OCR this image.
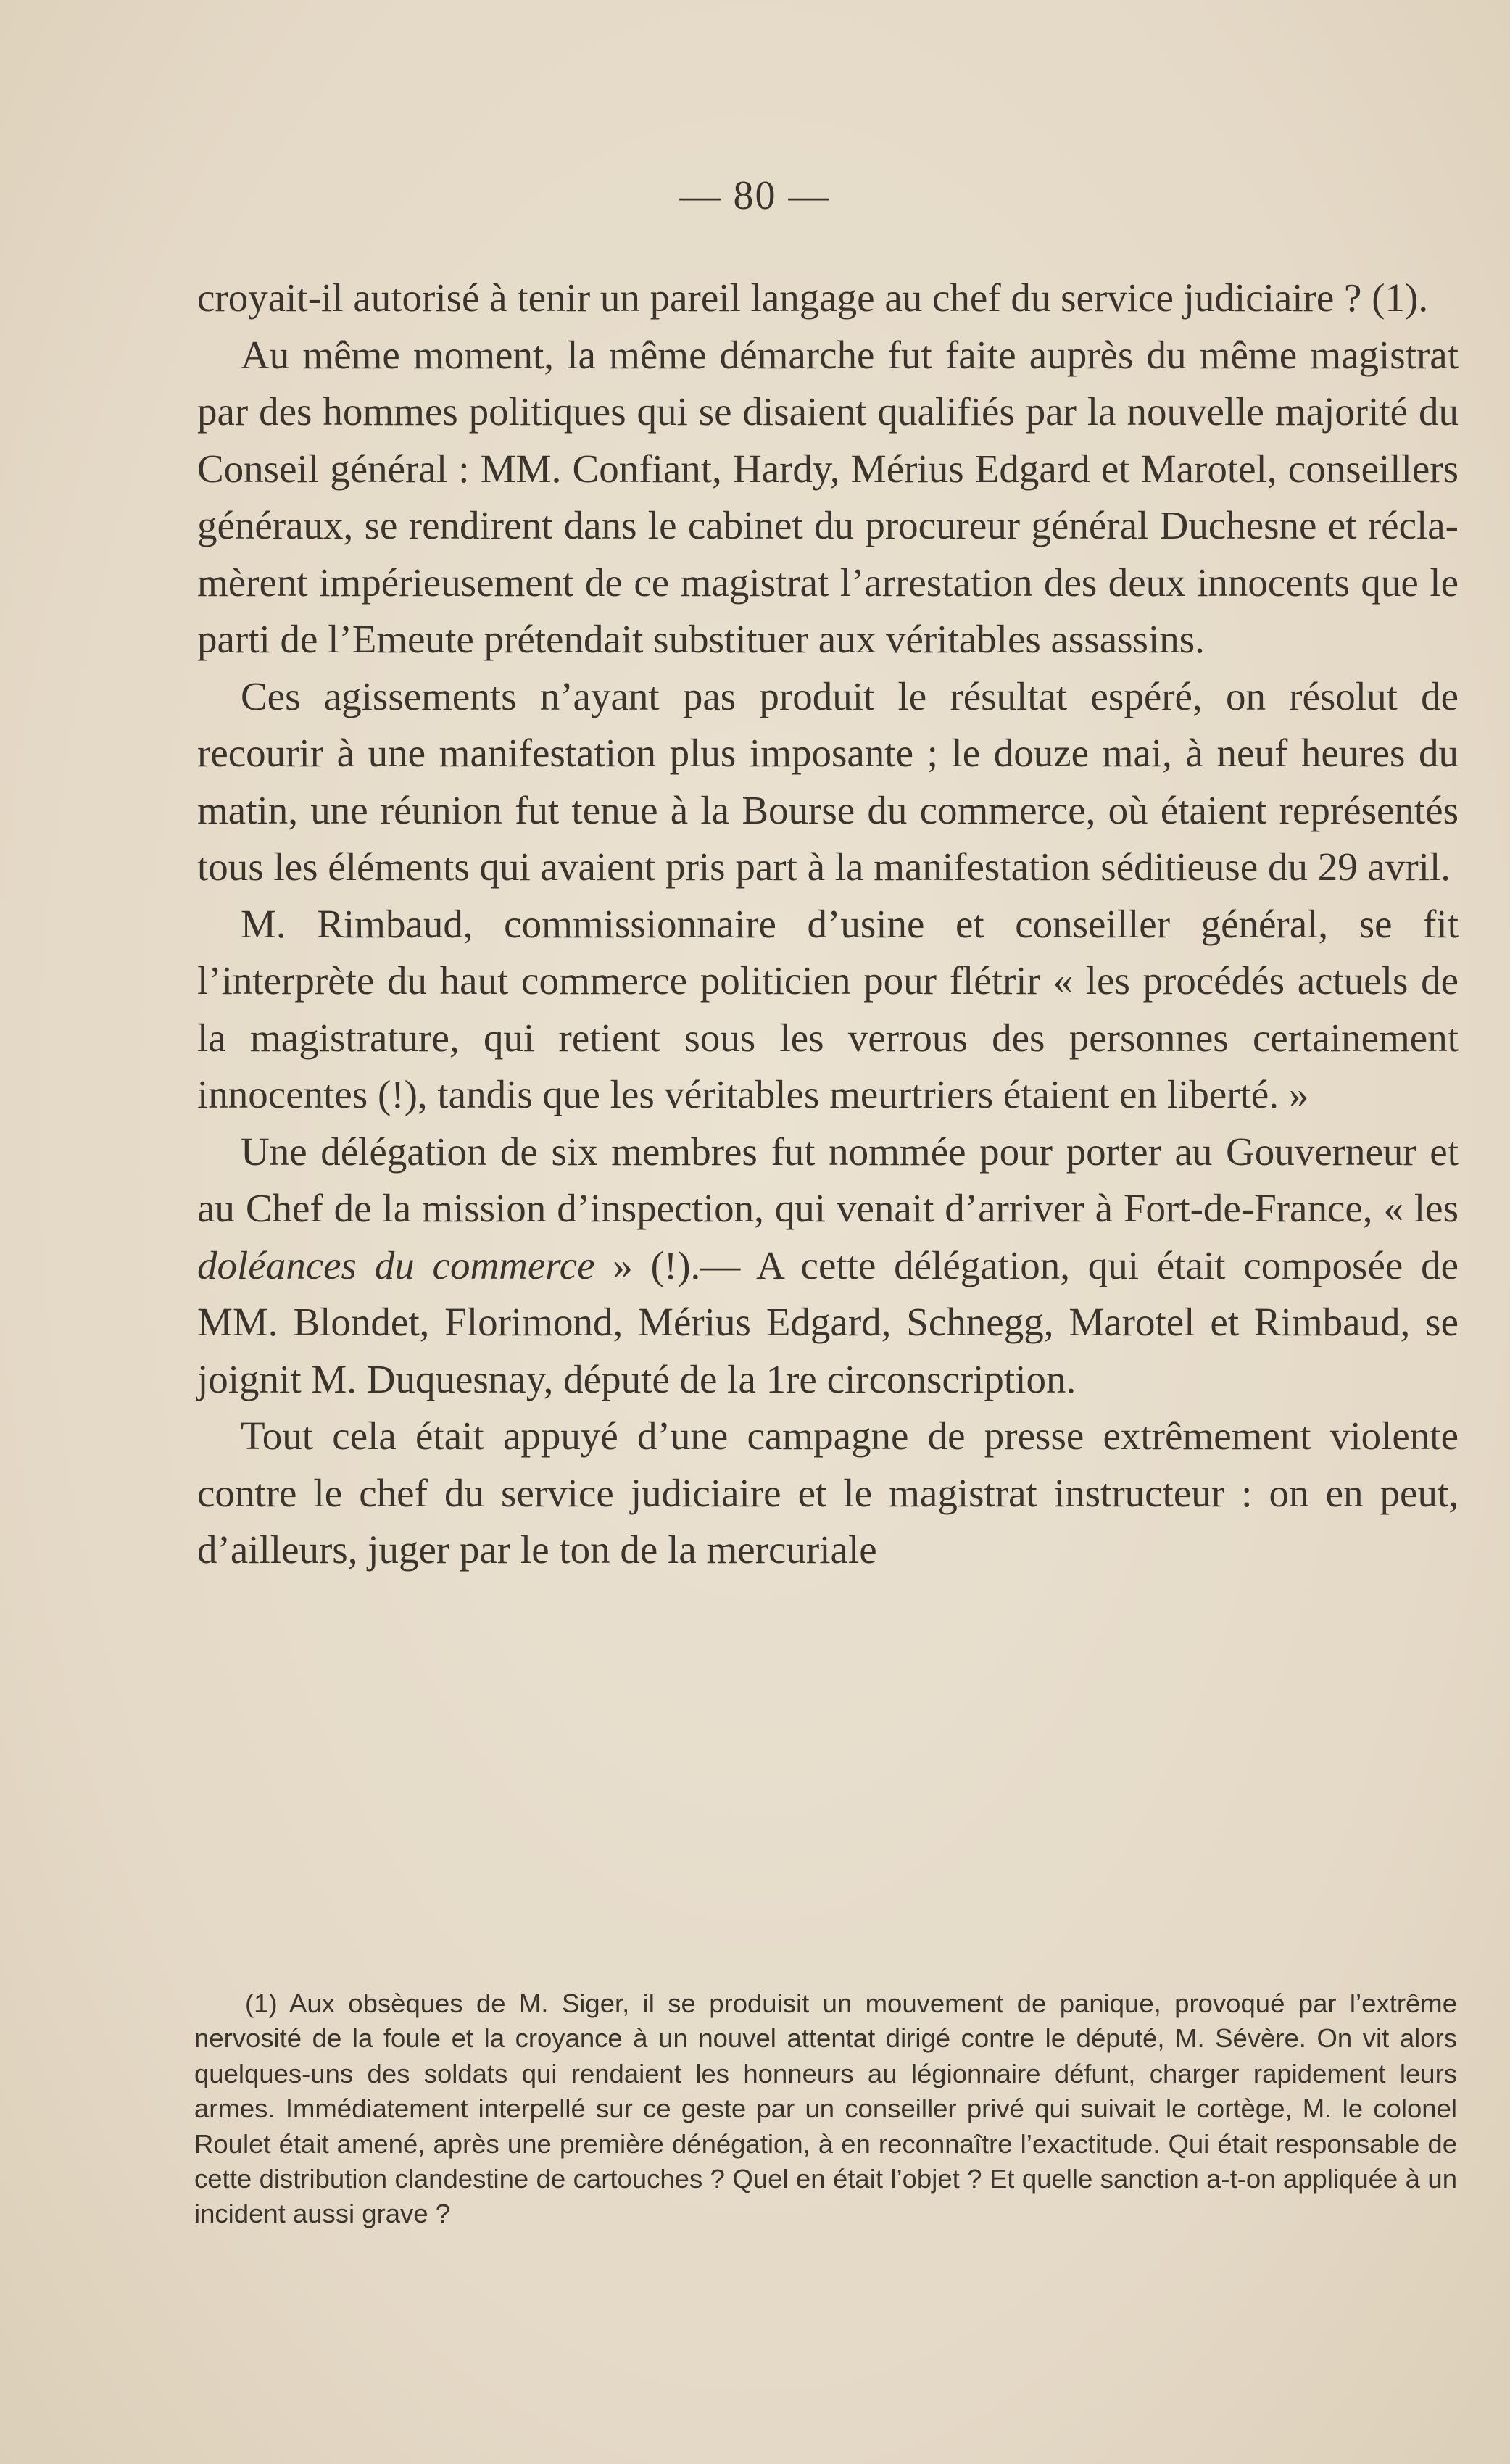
— 80 —

croyait-il autorisé à tenir un pareil langage au chef du service judiciaire ? (1).

Au même moment, la même démarche fut faite auprès du même magistrat par des hommes politiques qui se disaient qualifiés par la nouvelle majorité du Conseil général : MM. Confiant, Hardy, Mérius Edgard et Marotel, conseillers généraux, se rendirent dans le cabinet du procureur général Duchesne et réclamèrent impérieusement de ce magistrat l’arrestation des deux innocents que le parti de l’Emeute prétendait substituer aux véritables assassins.

Ces agissements n’ayant pas produit le résultat espéré, on résolut de recourir à une manifestation plus imposante ; le douze mai, à neuf heures du matin, une réunion fut tenue à la Bourse du commerce, où étaient représentés tous les éléments qui avaient pris part à la manifestation séditieuse du 29 avril.

M. Rimbaud, commissionnaire d’usine et conseiller général, se fit l’interprète du haut commerce politicien pour flétrir « les procédés actuels de la magistrature, qui retient sous les verrous des personnes certainement innocentes (!), tandis que les véritables meurtriers étaient en liberté. »

Une délégation de six membres fut nommée pour porter au Gouverneur et au Chef de la mission d’inspection, qui venait d’arriver à Fort-de-France, « les doléances du commerce » (!).— A cette délégation, qui était composée de MM. Blondet, Florimond, Mérius Edgard, Schnegg, Marotel et Rimbaud, se joignit M. Duquesnay, député de la 1re circonscription.

Tout cela était appuyé d’une campagne de presse extrêmement violente contre le chef du service judiciaire et le magistrat instructeur : on en peut, d’ailleurs, juger par le ton de la mercuriale

(1) Aux obsèques de M. Siger, il se produisit un mouvement de panique, provoqué par l’extrême nervosité de la foule et la croyance à un nouvel attentat dirigé contre le député, M. Sévère. On vit alors quelques-uns des soldats qui rendaient les honneurs au légionnaire défunt, charger rapidement leurs armes. Immédiatement interpellé sur ce geste par un conseiller privé qui suivait le cortège, M. le colonel Roulet était amené, après une première dénégation, à en reconnaître l’exactitude. Qui était responsable de cette distribution clandestine de cartouches ? Quel en était l’objet ? Et quelle sanction a-t-on appliquée à un incident aussi grave ?
